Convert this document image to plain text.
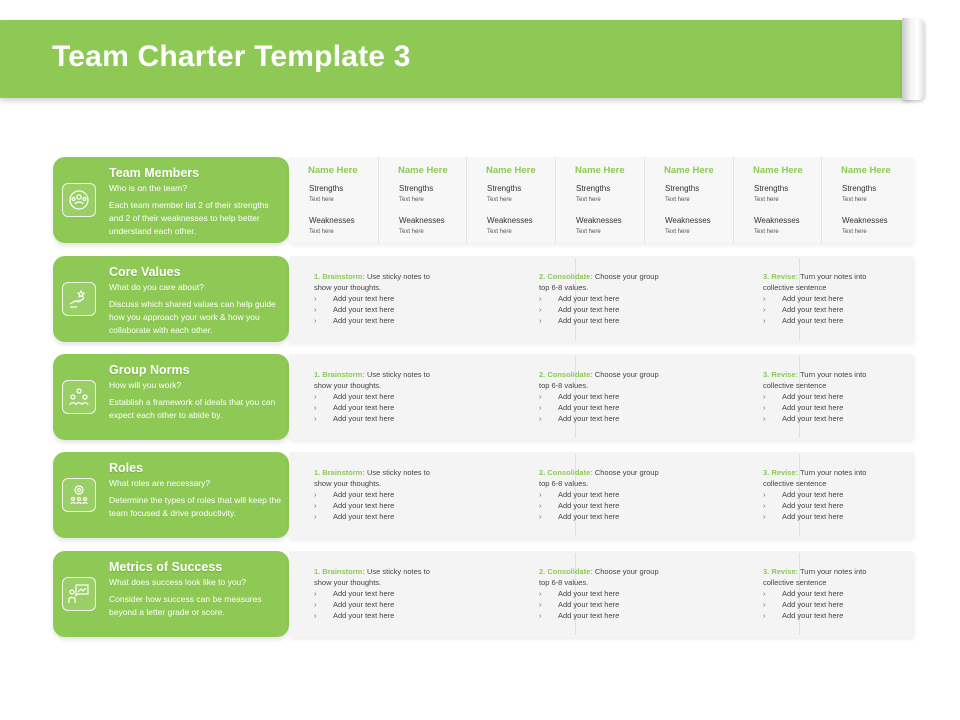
Team Charter Template 3
Team Members
Who is on the team?
Each team member list 2 of their strengths and 2 of their weaknesses to help better understand each other.
Name Here
Strengths
Text here
Weaknesses
Text here
Name Here
Strengths
Text here
Weaknesses
Text here
Name Here
Strengths
Text here
Weaknesses
Text here
Name Here
Strengths
Text here
Weaknesses
Text here
Name Here
Strengths
Text here
Weaknesses
Text here
Name Here
Strengths
Text here
Weaknesses
Text here
Name Here
Strengths
Text here
Weaknesses
Text here
Core Values
What do you care about?
Discuss which shared values can help guide how you approach your work & how you collaborate with each other.
1. Brainstorm: Use sticky notes to
show your thoughts.
› Add your text here
› Add your text here
› Add your text here
2. Consolidate: Choose your group
top 6-8 values.
› Add your text here
› Add your text here
› Add your text here
3. Revise: Turn your notes into
collective sentence
› Add your text here
› Add your text here
› Add your text here
Group Norms
How will you work?
Establish a framework of ideals that you can expect each other to abide by.
1. Brainstorm: Use sticky notes to
show your thoughts.
› Add your text here
› Add your text here
› Add your text here
2. Consolidate: Choose your group
top 6-8 values.
› Add your text here
› Add your text here
› Add your text here
3. Revise: Turn your notes into
collective sentence
› Add your text here
› Add your text here
› Add your text here
Roles
What roles are necessary?
Determine the types of roles that will keep the team focused & drive productivity.
1. Brainstorm: Use sticky notes to
show your thoughts.
› Add your text here
› Add your text here
› Add your text here
2. Consolidate: Choose your group
top 6-8 values.
› Add your text here
› Add your text here
› Add your text here
3. Revise: Turn your notes into
collective sentence
› Add your text here
› Add your text here
› Add your text here
Metrics of Success
What does success look like to you?
Consider how success can be measures beyond a letter grade or score.
1. Brainstorm: Use sticky notes to
show your thoughts.
› Add your text here
› Add your text here
› Add your text here
2. Consolidate: Choose your group
top 6-8 values.
› Add your text here
› Add your text here
› Add your text here
3. Revise: Turn your notes into
collective sentence
› Add your text here
› Add your text here
› Add your text here
